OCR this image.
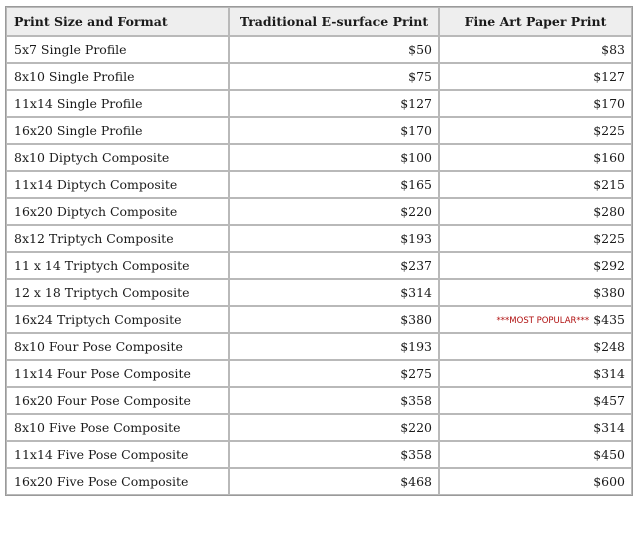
Print Size and Format	Traditional E-surface Print	Fine Art Paper Print
5x7 Single Profile	$50	$83
8x10 Single Profile	$75	$127
11x14 Single Profile	$127	$170
16x20 Single Profile	$170	$225
8x10 Diptych Composite	$100	$160
11x14 Diptych Composite	$165	$215
16x20 Diptych Composite	$220	$280
8x12 Triptych Composite	$193	$225
11 x 14 Triptych Composite	$237	$292
12 x 18 Triptych Composite	$314	$380
16x24 Triptych Composite	$380	***MOST POPULAR*** $435
8x10 Four Pose Composite	$193	$248
11x14 Four Pose Composite	$275	$314
16x20 Four Pose Composite	$358	$457
8x10 Five Pose Composite	$220	$314
11x14 Five Pose Composite	$358	$450
16x20 Five Pose Composite	$468	$600
